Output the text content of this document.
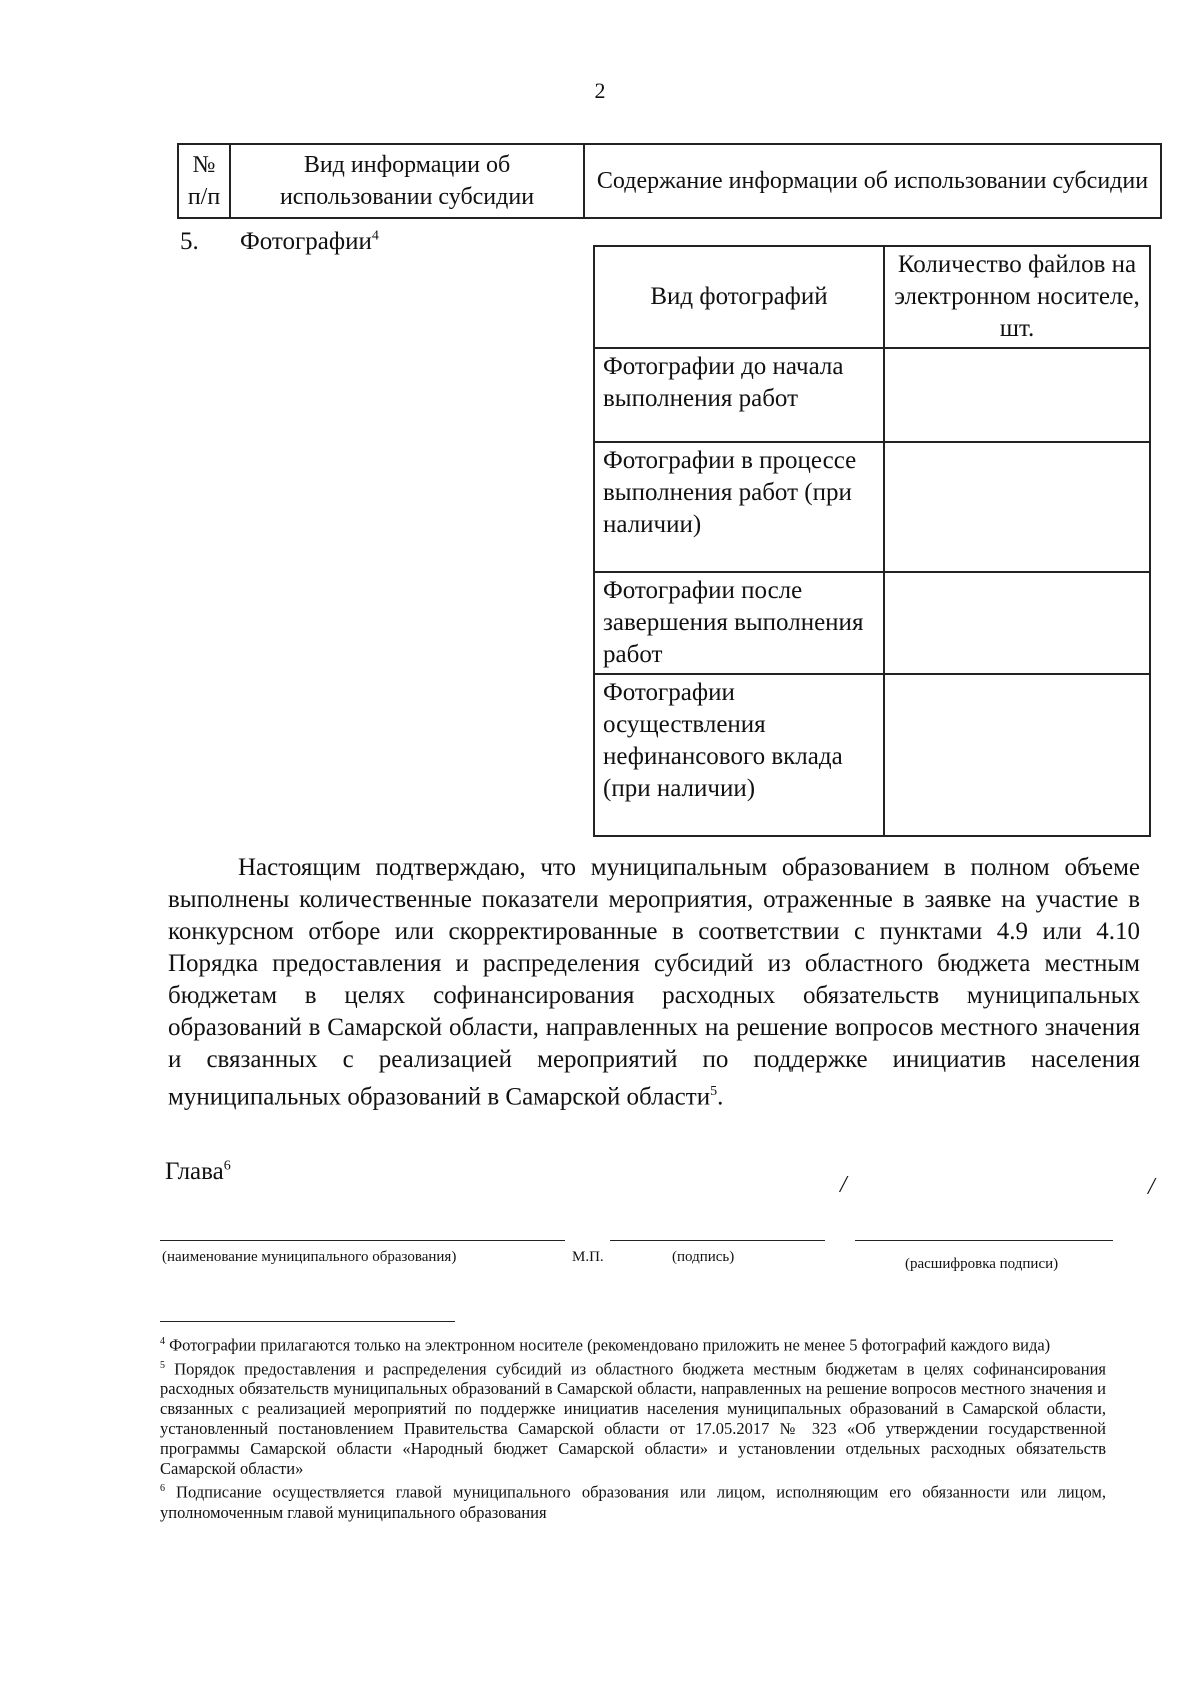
2
№ п/п	Вид информации об использовании субсидии	Содержание информации об использовании субсидии
5. Фотографии$^4$
Вид фотографий	Количество файлов на электронном носителе, шт.
Фотографии до начала выполнения работ	
Фотографии в процессе выполнения работ (при наличии)	
Фотографии после завершения выполнения работ	
Фотографии осуществления нефинансового вклада (при наличии)	
Настоящим подтверждаю, что муниципальным образованием в полном объеме выполнены количественные показатели мероприятия, отраженные в заявке на участие в конкурсном отборе или скорректированные в соответствии с пунктами 4.9 или 4.10 Порядка предоставления и распределения субсидий из областного бюджета местным бюджетам в целях софинансирования расходных обязательств муниципальных образований в Самарской области, направленных на решение вопросов местного значения и связанных с реализацией мероприятий по поддержке инициатив населения муниципальных образований в Самарской области$^5$.
Глава$^6$
/	/
(наименование муниципального образования)	М.П.	(подпись)	(расшифровка подписи)

$^4$ Фотографии прилагаются только на электронном носителе (рекомендовано приложить не менее 5 фотографий каждого вида)

$^5$ Порядок предоставления и распределения субсидий из областного бюджета местным бюджетам в целях софинансирования расходных обязательств муниципальных образований в Самарской области, направленных на решение вопросов местного значения и связанных с реализацией мероприятий по поддержке инициатив населения муниципальных образований в Самарской области, установленный постановлением Правительства Самарской области от 17.05.2017 № 323 «Об утверждении государственной программы Самарской области «Народный бюджет Самарской области» и установлении отдельных расходных обязательств Самарской области»

$^6$ Подписание осуществляется главой муниципального образования или лицом, исполняющим его обязанности или лицом, уполномоченным главой муниципального образования
